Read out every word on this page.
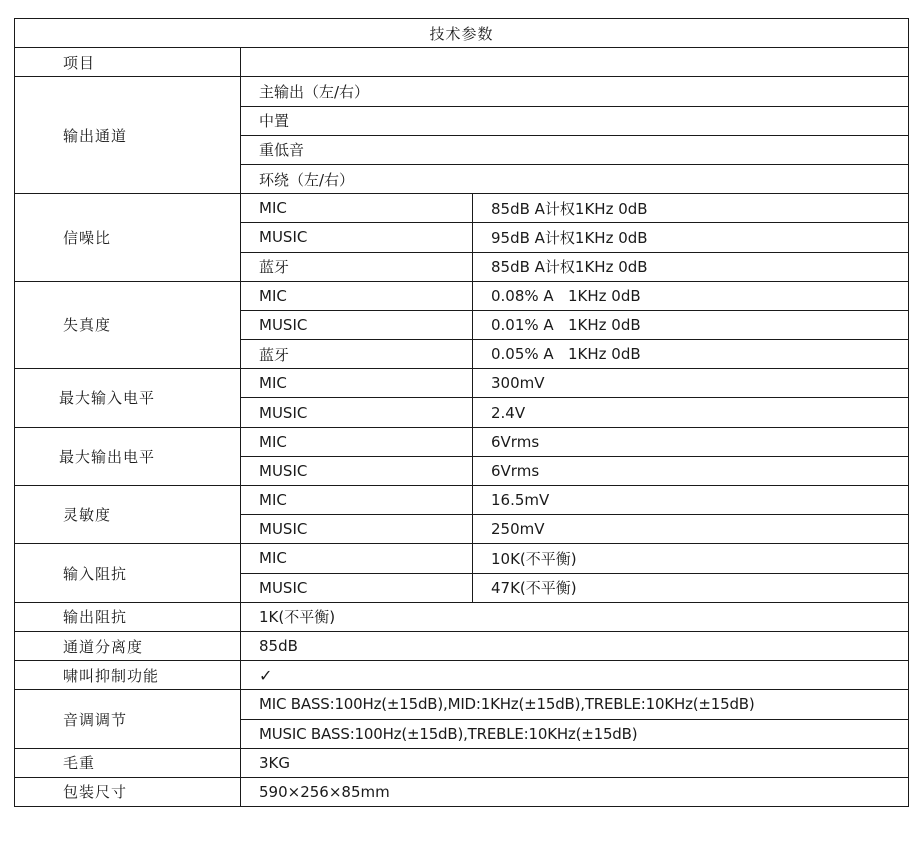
技术参数		
项目		
输出通道	主输出（左/右）	
	中置	
	重低音	
	环绕（左/右）	
信噪比	MIC	85dB A计权1KHz 0dB
	MUSIC	95dB A计权1KHz 0dB
	蓝牙	85dB A计权1KHz 0dB
失真度	MIC	0.08% A   1KHz 0dB
	MUSIC	0.01% A   1KHz 0dB
	蓝牙	0.05% A   1KHz 0dB
最大输入电平	MIC	300mV
	MUSIC	2.4V
最大输出电平	MIC	6Vrms
	MUSIC	6Vrms
灵敏度	MIC	16.5mV
	MUSIC	250mV
输入阻抗	MIC	10K(不平衡)
	MUSIC	47K(不平衡)
输出阻抗	1K(不平衡)	
通道分离度	85dB	
啸叫抑制功能	✓	
音调调节	MIC BASS:100Hz(±15dB),MID:1KHz(±15dB),TREBLE:10KHz(±15dB)	
	MUSIC BASS:100Hz(±15dB),TREBLE:10KHz(±15dB)	
毛重	3KG	
包装尺寸	590×256×85mm	
